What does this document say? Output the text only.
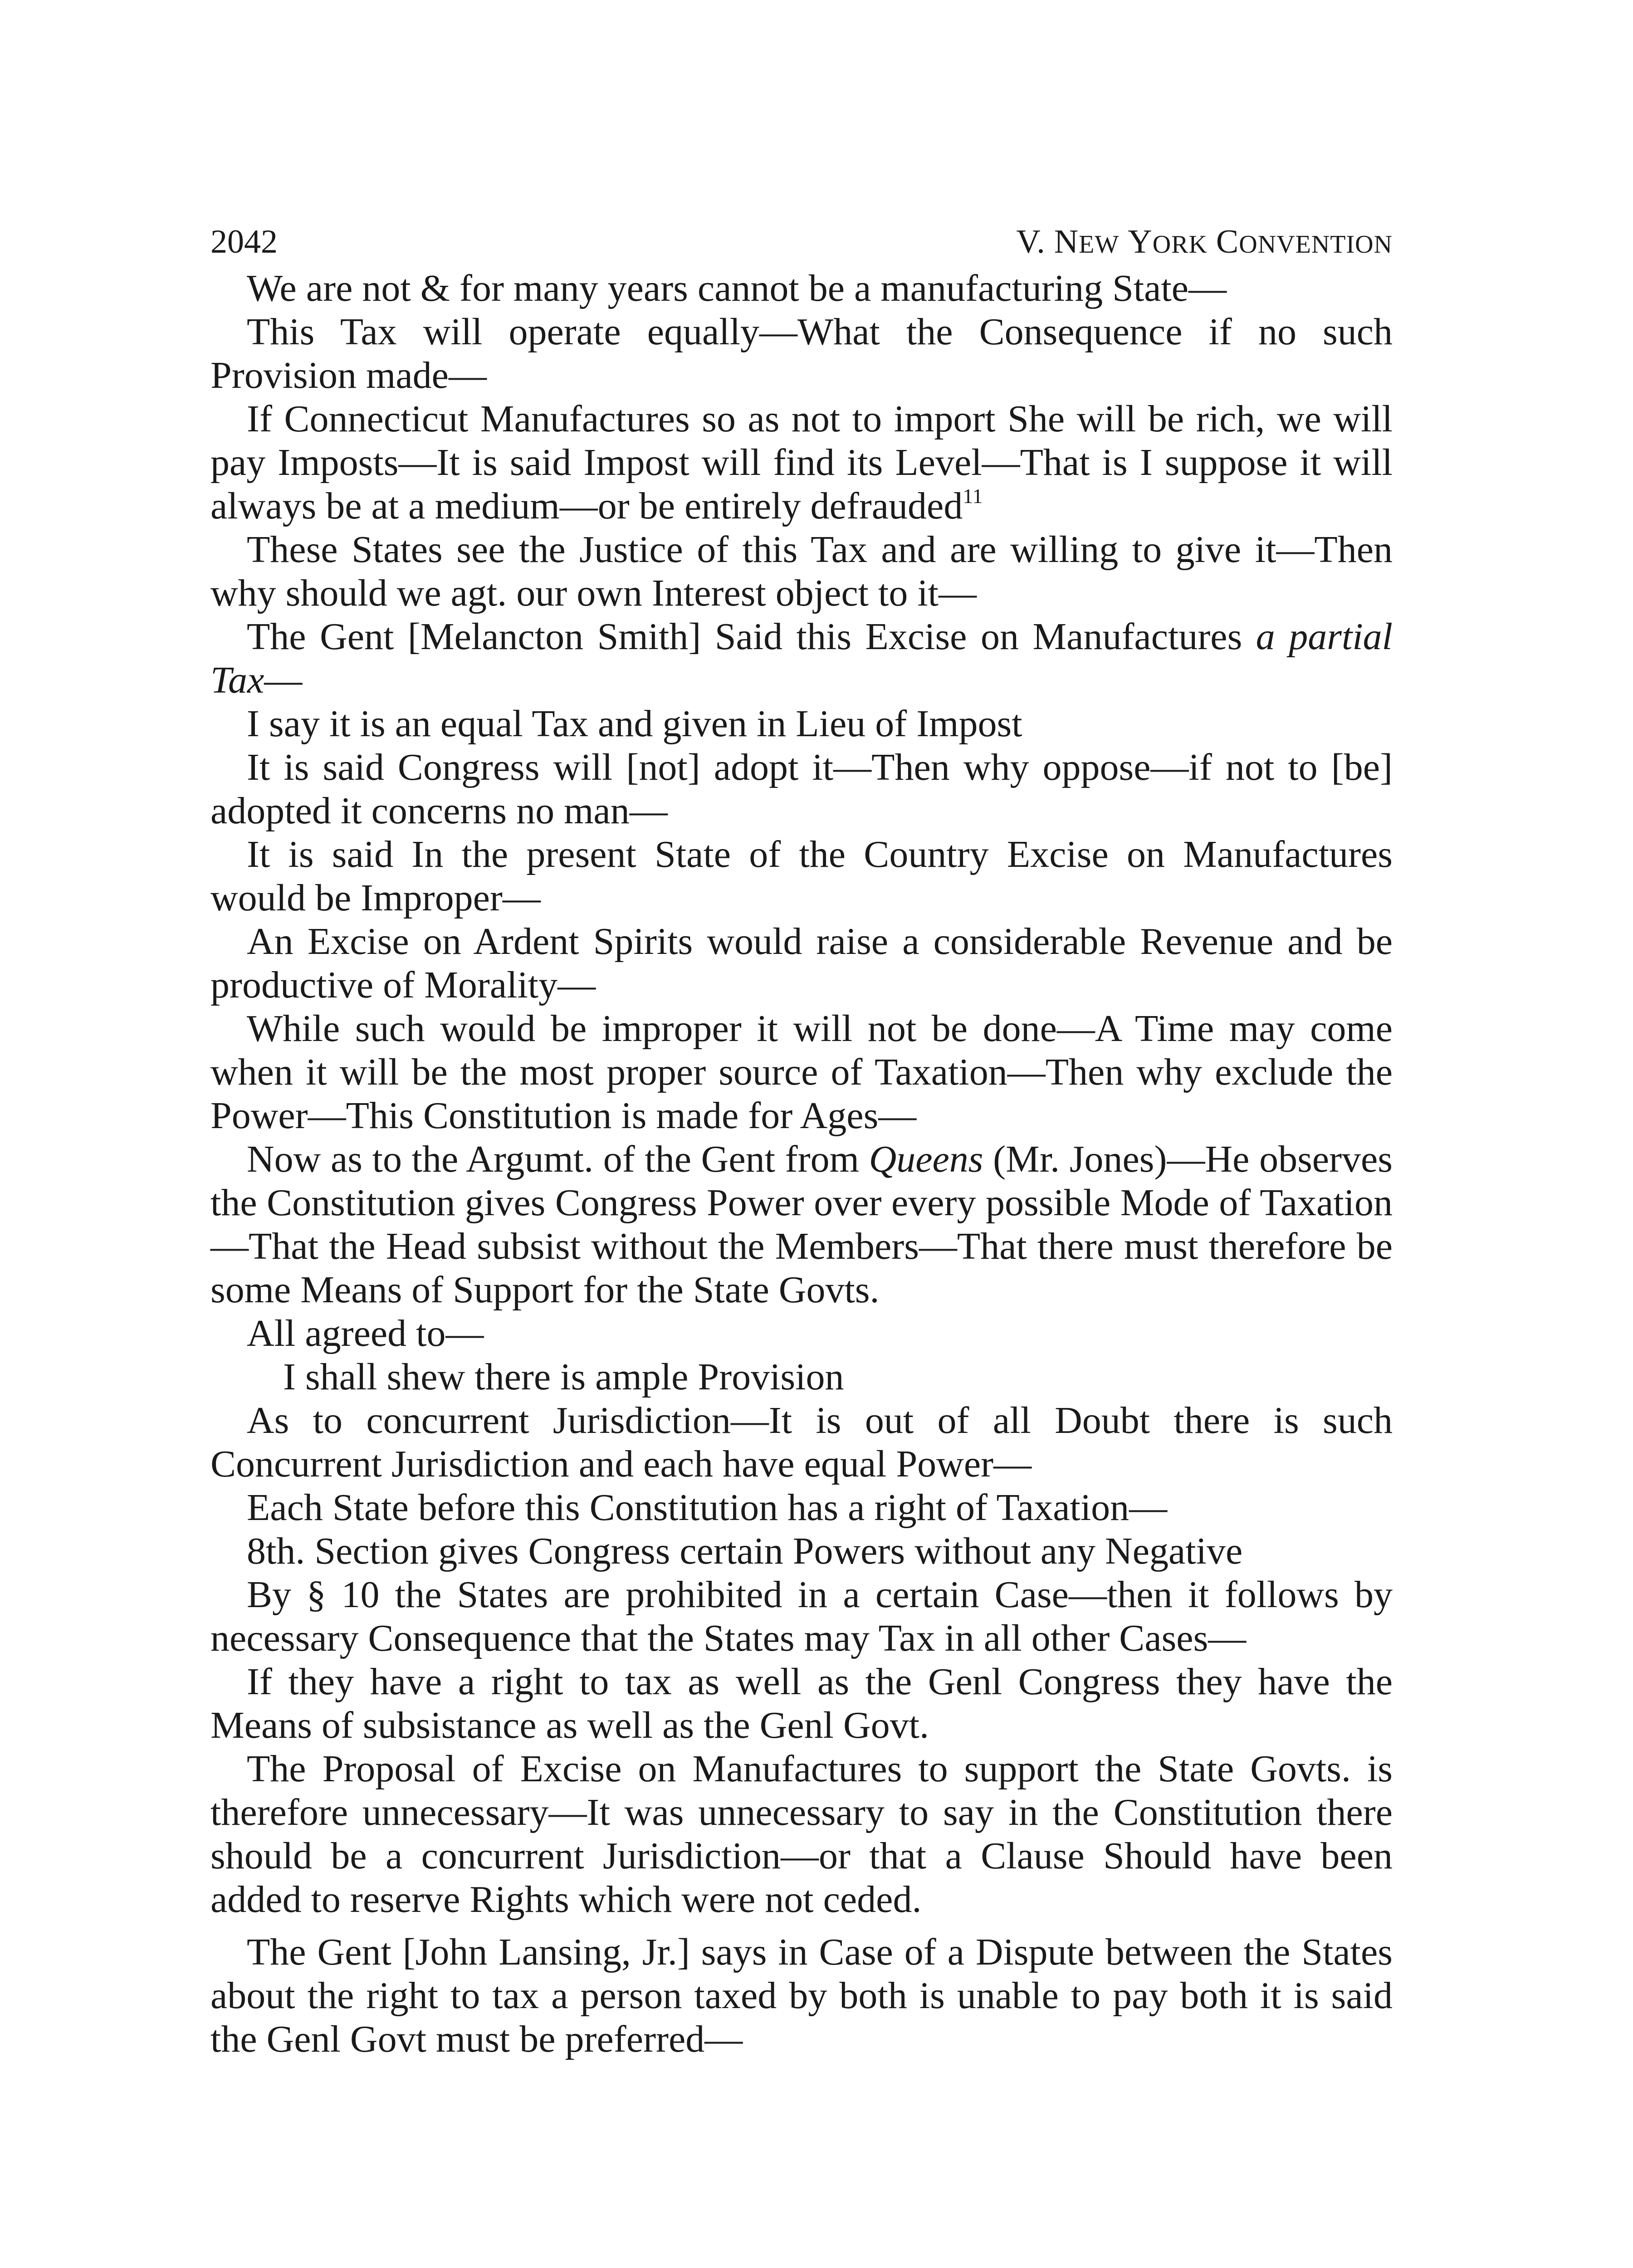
2042	V. NEW YORK CONVENTION

We are not & for many years cannot be a manufacturing State—

This Tax will operate equally—What the Consequence if no such Provision made—

If Connecticut Manufactures so as not to import She will be rich, we will pay Imposts—It is said Impost will find its Level—That is I suppose it will always be at a medium—or be entirely defrauded$^{11}$

These States see the Justice of this Tax and are willing to give it—Then why should we agt. our own Interest object to it—

The Gent [Melancton Smith] Said this Excise on Manufactures a partial Tax—

I say it is an equal Tax and given in Lieu of Impost

It is said Congress will [not] adopt it—Then why oppose—if not to [be] adopted it concerns no man—

It is said In the present State of the Country Excise on Manufactures would be Improper—

An Excise on Ardent Spirits would raise a considerable Revenue and be productive of Morality—

While such would be improper it will not be done—A Time may come when it will be the most proper source of Taxation—Then why exclude the Power—This Constitution is made for Ages—

Now as to the Argumt. of the Gent from Queens (Mr. Jones)—He observes the Constitution gives Congress Power over every possible Mode of Taxation—That the Head subsist without the Members—That there must therefore be some Means of Support for the State Govts.

All agreed to—

I shall shew there is ample Provision

As to concurrent Jurisdiction—It is out of all Doubt there is such Concurrent Jurisdiction and each have equal Power—

Each State before this Constitution has a right of Taxation—

8th. Section gives Congress certain Powers without any Negative

By § 10 the States are prohibited in a certain Case—then it follows by necessary Consequence that the States may Tax in all other Cases—

If they have a right to tax as well as the Genl Congress they have the Means of subsistance as well as the Genl Govt.

The Proposal of Excise on Manufactures to support the State Govts. is therefore unnecessary—It was unnecessary to say in the Constitution there should be a concurrent Jurisdiction—or that a Clause Should have been added to reserve Rights which were not ceded.

The Gent [John Lansing, Jr.] says in Case of a Dispute between the States about the right to tax a person taxed by both is unable to pay both it is said the Genl Govt must be preferred—
